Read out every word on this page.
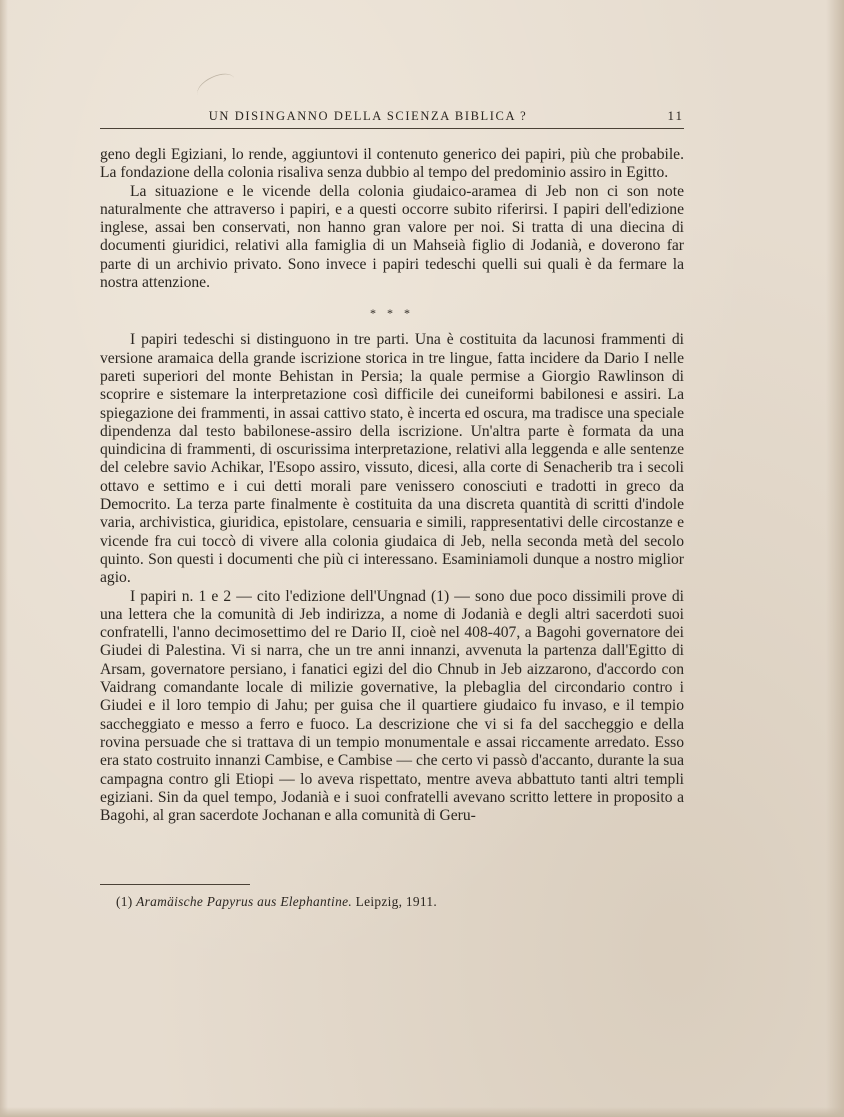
UN DISINGANNO DELLA SCIENZA BIBLICA ?	11

geno degli Egiziani, lo rende, aggiuntovi il contenuto generico dei papiri, più che probabile. La fondazione della colonia risaliva senza dubbio al tempo del predominio assiro in Egitto.

La situazione e le vicende della colonia giudaico-aramea di Jeb non ci son note naturalmente che attraverso i papiri, e a questi occorre subito riferirsi. I papiri dell'edizione inglese, assai ben conservati, non hanno gran valore per noi. Si tratta di una diecina di documenti giuridici, relativi alla famiglia di un Mahseià figlio di Jodanià, e doverono far parte di un archivio privato. Sono invece i papiri tedeschi quelli sui quali è da fermare la nostra attenzione.

* * *

I papiri tedeschi si distinguono in tre parti. Una è costituita da lacunosi frammenti di versione aramaica della grande iscrizione storica in tre lingue, fatta incidere da Dario I nelle pareti superiori del monte Behistan in Persia; la quale permise a Giorgio Rawlinson di scoprire e sistemare la interpretazione così difficile dei cuneiformi babilonesi e assiri. La spiegazione dei frammenti, in assai cattivo stato, è incerta ed oscura, ma tradisce una speciale dipendenza dal testo babilonese-assiro della iscrizione. Un'altra parte è formata da una quindicina di frammenti, di oscurissima interpretazione, relativi alla leggenda e alle sentenze del celebre savio Achikar, l'Esopo assiro, vissuto, dicesi, alla corte di Senacherib tra i secoli ottavo e settimo e i cui detti morali pare venissero conosciuti e tradotti in greco da Democrito. La terza parte finalmente è costituita da una discreta quantità di scritti d'indole varia, archivistica, giuridica, epistolare, censuaria e simili, rappresentativi delle circostanze e vicende fra cui toccò di vivere alla colonia giudaica di Jeb, nella seconda metà del secolo quinto. Son questi i documenti che più ci interessano. Esaminiamoli dunque a nostro miglior agio.

I papiri n. 1 e 2 — cito l'edizione dell'Ungnad (1) — sono due poco dissimili prove di una lettera che la comunità di Jeb indirizza, a nome di Jodanià e degli altri sacerdoti suoi confratelli, l'anno decimosettimo del re Dario II, cioè nel 408-407, a Bagohi governatore dei Giudei di Palestina. Vi si narra, che un tre anni innanzi, avvenuta la partenza dall'Egitto di Arsam, governatore persiano, i fanatici egizi del dio Chnub in Jeb aizzarono, d'accordo con Vaidrang comandante locale di milizie governative, la plebaglia del circondario contro i Giudei e il loro tempio di Jahu; per guisa che il quartiere giudaico fu invaso, e il tempio saccheggiato e messo a ferro e fuoco. La descrizione che vi si fa del saccheggio e della rovina persuade che si trattava di un tempio monumentale e assai riccamente arredato. Esso era stato costruito innanzi Cambise, e Cambise — che certo vi passò d'accanto, durante la sua campagna contro gli Etiopi — lo aveva rispettato, mentre aveva abbattuto tanti altri templi egiziani. Sin da quel tempo, Jodanià e i suoi confratelli avevano scritto lettere in proposito a Bagohi, al gran sacerdote Jochanan e alla comunità di Geru-

(1) Aramäische Papyrus aus Elephantine. Leipzig, 1911.
